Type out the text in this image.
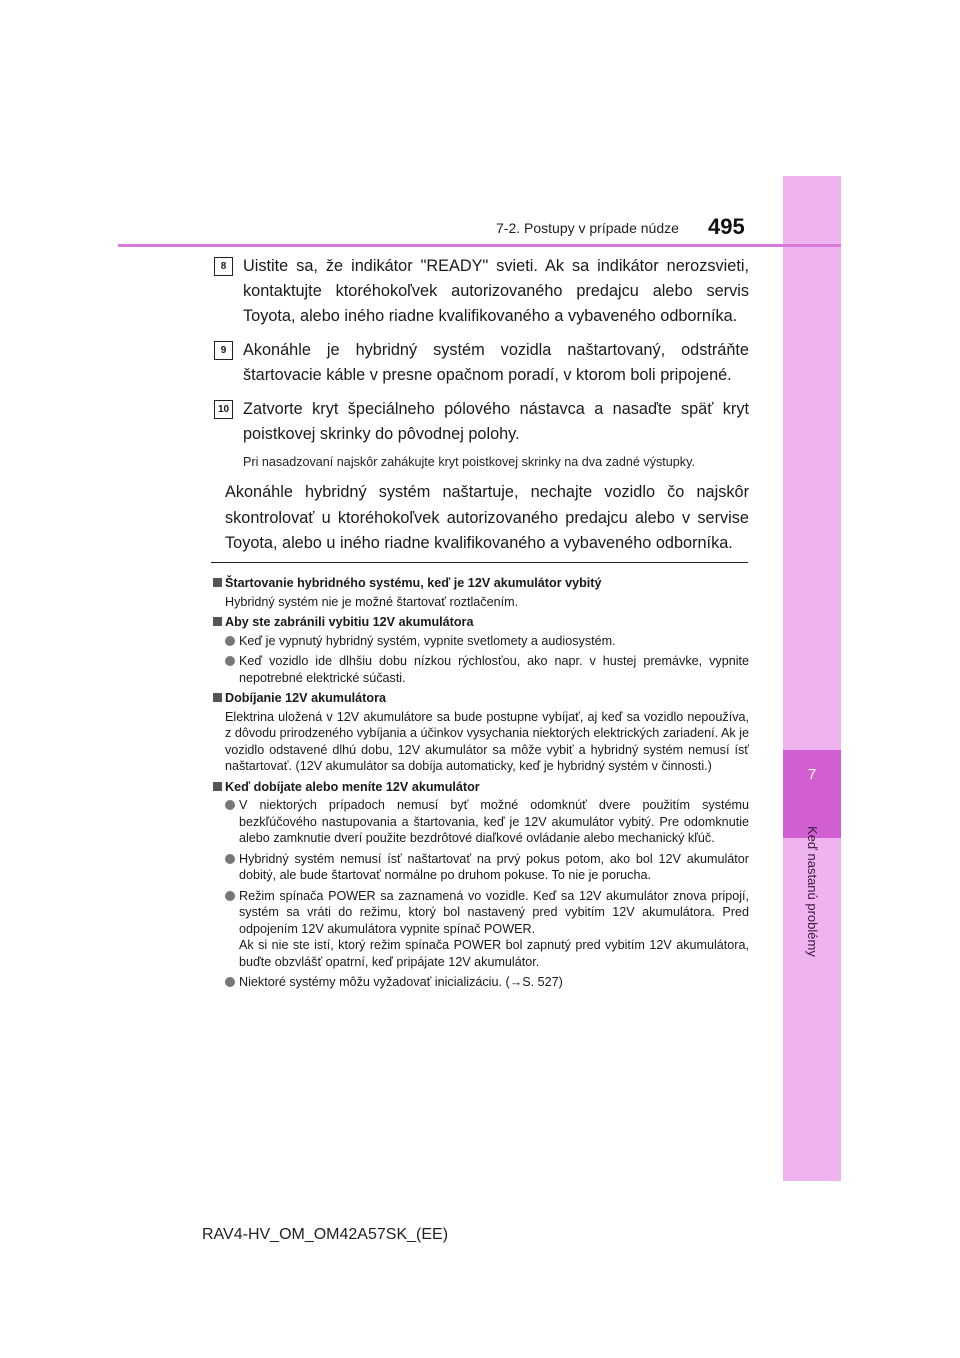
7
Keď nastanú problémy
7-2. Postupy v prípade núdze 495
8	Uistite sa, že indikátor "READY" svieti. Ak sa indikátor nerozsvieti, kontaktujte ktoréhokoľvek autorizovaného predajcu alebo servis Toyota, alebo iného riadne kvalifikovaného a vybaveného odborníka.
9	Akonáhle je hybridný systém vozidla naštartovaný, odstráňte štartovacie káble v presne opačnom poradí, v ktorom boli pripojené.
10 Zatvorte kryt špeciálneho pólového nástavca a nasaďte späť kryt poistkovej skrinky do pôvodnej polohy.
Pri nasadzovaní najskôr zahákujte kryt poistkovej skrinky na dva zadné výstupky.
Akonáhle hybridný systém naštartuje, nechajte vozidlo čo najskôr skontrolovať u ktoréhokoľvek autorizovaného predajcu alebo v servise Toyota, alebo u iného riadne kvalifikovaného a vybaveného odborníka.
Štartovanie hybridného systému, keď je 12V akumulátor vybitý
Hybridný systém nie je možné štartovať roztlačením.
Aby ste zabránili vybitiu 12V akumulátora
Keď je vypnutý hybridný systém, vypnite svetlomety a audiosystém.
Keď vozidlo ide dlhšiu dobu nízkou rýchlosťou, ako napr. v hustej premávke, vypnite nepotrebné elektrické súčasti.
Dobíjanie 12V akumulátora
Elektrina uložená v 12V akumulátore sa bude postupne vybíjať, aj keď sa vozidlo nepoužíva, z dôvodu prirodzeného vybíjania a účinkov vysychania niektorých elektrických zariadení. Ak je vozidlo odstavené dlhú dobu, 12V akumulátor sa môže vybiť a hybridný systém nemusí ísť naštartovať. (12V akumulátor sa dobíja automaticky, keď je hybridný systém v činnosti.)
Keď dobíjate alebo meníte 12V akumulátor
V niektorých prípadoch nemusí byť možné odomknúť dvere použitím systému bezkľúčového nastupovania a štartovania, keď je 12V akumulátor vybitý. Pre odomknutie alebo zamknutie dverí použite bezdrôtové diaľkové ovládanie alebo mechanický kľúč.
Hybridný systém nemusí ísť naštartovať na prvý pokus potom, ako bol 12V akumulátor dobitý, ale bude štartovať normálne po druhom pokuse. To nie je porucha.
Režim spínača POWER sa zaznamená vo vozidle. Keď sa 12V akumulátor znova pripojí, systém sa vráti do režimu, ktorý bol nastavený pred vybitím 12V akumulátora. Pred odpojením 12V akumulátora vypnite spínač POWER.
Ak si nie ste istí, ktorý režim spínača POWER bol zapnutý pred vybitím 12V akumulátora, buďte obzvlášť opatrní, keď pripájate 12V akumulátor.
Niektoré systémy môžu vyžadovať inicializáciu. (→S. 527)
RAV4-HV_OM_OM42A57SK_(EE)
